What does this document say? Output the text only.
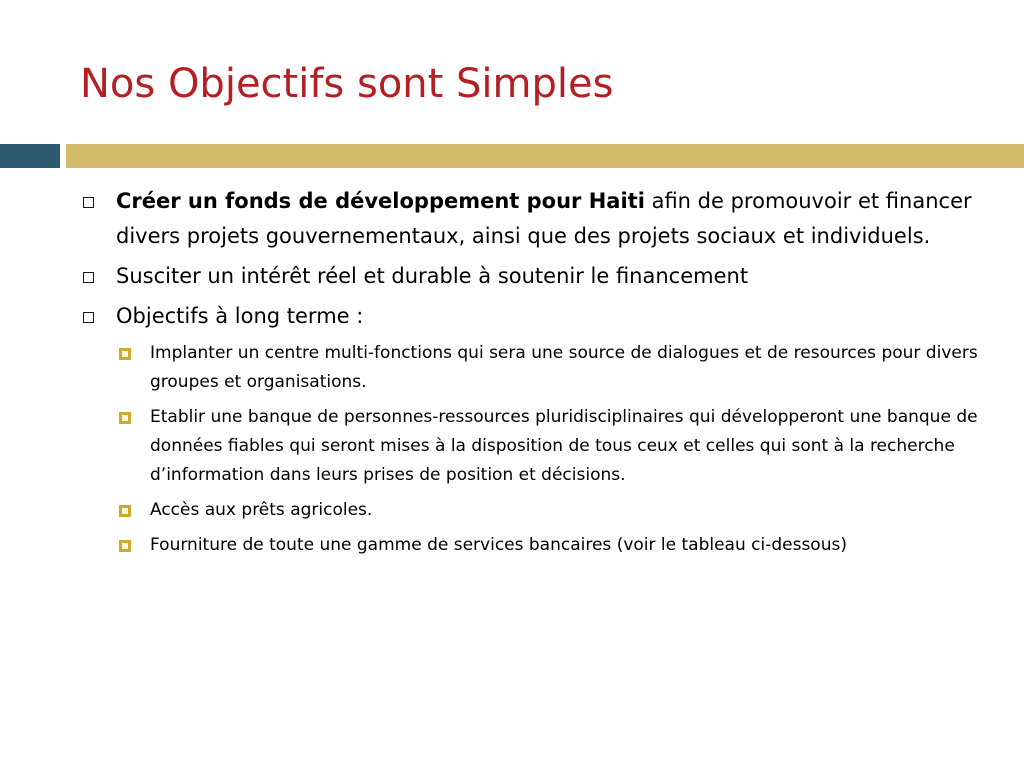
Nos Objectifs sont Simples
Créer un fonds de développement pour Haiti afin de promouvoir et financer divers projets gouvernementaux, ainsi que des projets sociaux et individuels.
Susciter un intérêt réel et durable à soutenir le financement
Objectifs à long terme :
Implanter un centre multi-fonctions qui sera une source de dialogues et de resources pour divers groupes et organisations.
Etablir une banque de personnes-ressources pluridisciplinaires qui développeront une banque de données fiables qui seront mises à la disposition de tous ceux et celles qui sont à la recherche d’information dans leurs prises de position et décisions.
Accès aux prêts agricoles.
Fourniture de toute une gamme de services bancaires (voir le tableau ci-dessous)
